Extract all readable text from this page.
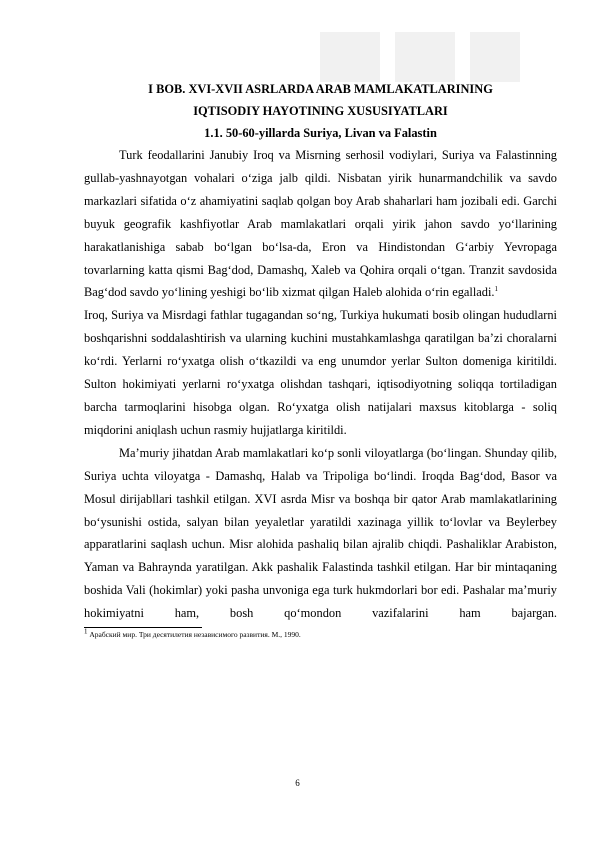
I BOB. XVI-XVII ASRLARDA ARAB MAMLAKATLARINING

IQTISODIY HAYOTINING XUSUSIYATLARI

1.1. 50-60-yillarda Suriya, Livan va Falastin

Turk feodallarini Janubiy Iroq va Misrning serhosil vodiylari, Suriya va Falastinning gullab-yashnayotgan vohalari o‘ziga jalb qildi. Nisbatan yirik hunarmandchilik va savdo markazlari sifatida o‘z ahamiyatini saqlab qolgan boy Arab shaharlari ham jozibali edi. Garchi buyuk geografik kashfiyotlar Arab mamlakatlari orqali yirik jahon savdo yo‘llarining harakatlanishiga sabab bo‘lgan bo‘lsa-da, Eron va Hindistondan G‘arbiy Yevropaga tovarlarning katta qismi Bag‘dod, Damashq, Xaleb va Qohira orqali o‘tgan. Tranzit savdosida Bag‘dod savdo yo‘lining yeshigi bo‘lib xizmat qilgan Haleb alohida o‘rin egalladi.$^1$

Iroq, Suriya va Misrdagi fathlar tugagandan so‘ng, Turkiya hukumati bosib olingan hududlarni boshqarishni soddalashtirish va ularning kuchini mustahkamlashga qaratilgan ba’zi choralarni ko‘rdi. Yerlarni ro‘yxatga olish o‘tkazildi va eng unumdor yerlar Sulton domeniga kiritildi. Sulton hokimiyati yerlarni ro‘yxatga olishdan tashqari, iqtisodiyotning soliqqa tortiladigan barcha tarmoqlarini hisobga olgan. Ro‘yxatga olish natijalari maxsus kitoblarga - soliq miqdorini aniqlash uchun rasmiy hujjatlarga kiritildi.

Ma’muriy jihatdan Arab mamlakatlari ko‘p sonli viloyatlarga (bo‘lingan. Shunday qilib, Suriya uchta viloyatga - Damashq, Halab va Tripoliga bo‘lindi. Iroqda Bag‘dod, Basor va Mosul dirijabllari tashkil etilgan. XVI asrda Misr va boshqa bir qator Arab mamlakatlarining bo‘ysunishi ostida, salyan bilan yeyaletlar yaratildi xazinaga yillik to‘lovlar va Beylerbey apparatlarini saqlash uchun. Misr alohida pashaliq bilan ajralib chiqdi. Pashaliklar Arabiston, Yaman va Bahraynda yaratilgan. Akk pashalik Falastinda tashkil etilgan. Har bir mintaqaning boshida Vali (hokimlar) yoki pasha unvoniga ega turk hukmdorlari bor edi. Pashalar ma’muriy hokimiyatni ham, bosh qo‘mondon vazifalarini ham bajargan.

$^1$ Арабский мир. Три десятилетия независимого развития. М., 1990.

6
